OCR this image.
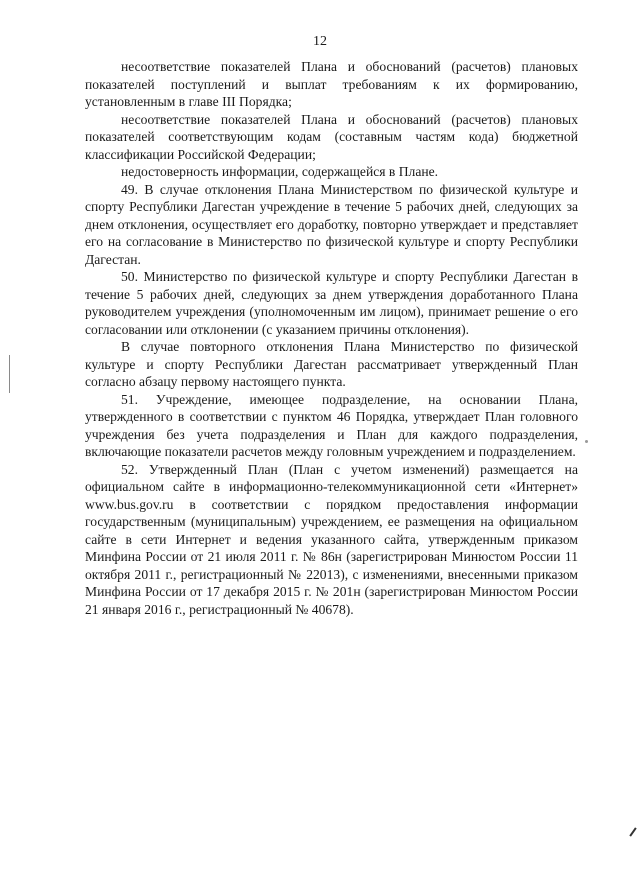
12

несоответствие показателей Плана и обоснований (расчетов) плановых показателей поступлений и выплат требованиям к их формированию, установленным в главе III Порядка;

несоответствие показателей Плана и обоснований (расчетов) плановых показателей соответствующим кодам (составным частям кода) бюджетной классификации Российской Федерации;

недостоверность информации, содержащейся в Плане.

49. В случае отклонения Плана Министерством по физической культуре и спорту Республики Дагестан учреждение в течение 5 рабочих дней, следующих за днем отклонения, осуществляет его доработку, повторно утверждает и представляет его на согласование в Министерство по физической культуре и спорту Республики Дагестан.

50. Министерство по физической культуре и спорту Республики Дагестан в течение 5 рабочих дней, следующих за днем утверждения доработанного Плана руководителем учреждения (уполномоченным им лицом), принимает решение о его согласовании или отклонении (с указанием причины отклонения).

В случае повторного отклонения Плана Министерство по физической культуре и спорту Республики Дагестан рассматривает утвержденный План согласно абзацу первому настоящего пункта.

51. Учреждение, имеющее подразделение, на основании Плана, утвержденного в соответствии с пунктом 46 Порядка, утверждает План головного учреждения без учета подразделения и План для каждого подразделения, включающие показатели расчетов между головным учреждением и подразделением.

52. Утвержденный План (План с учетом изменений) размещается на официальном сайте в информационно-телекоммуникационной сети «Интернет» www.bus.gov.ru в соответствии с порядком предоставления информации государственным (муниципальным) учреждением, ее размещения на официальном сайте в сети Интернет и ведения указанного сайта, утвержденным приказом Минфина России от 21 июля 2011 г. № 86н (зарегистрирован Минюстом России 11 октября 2011 г., регистрационный № 22013), с изменениями, внесенными приказом Минфина России от 17 декабря 2015 г. № 201н (зарегистрирован Минюстом России 21 января 2016 г., регистрационный № 40678).
